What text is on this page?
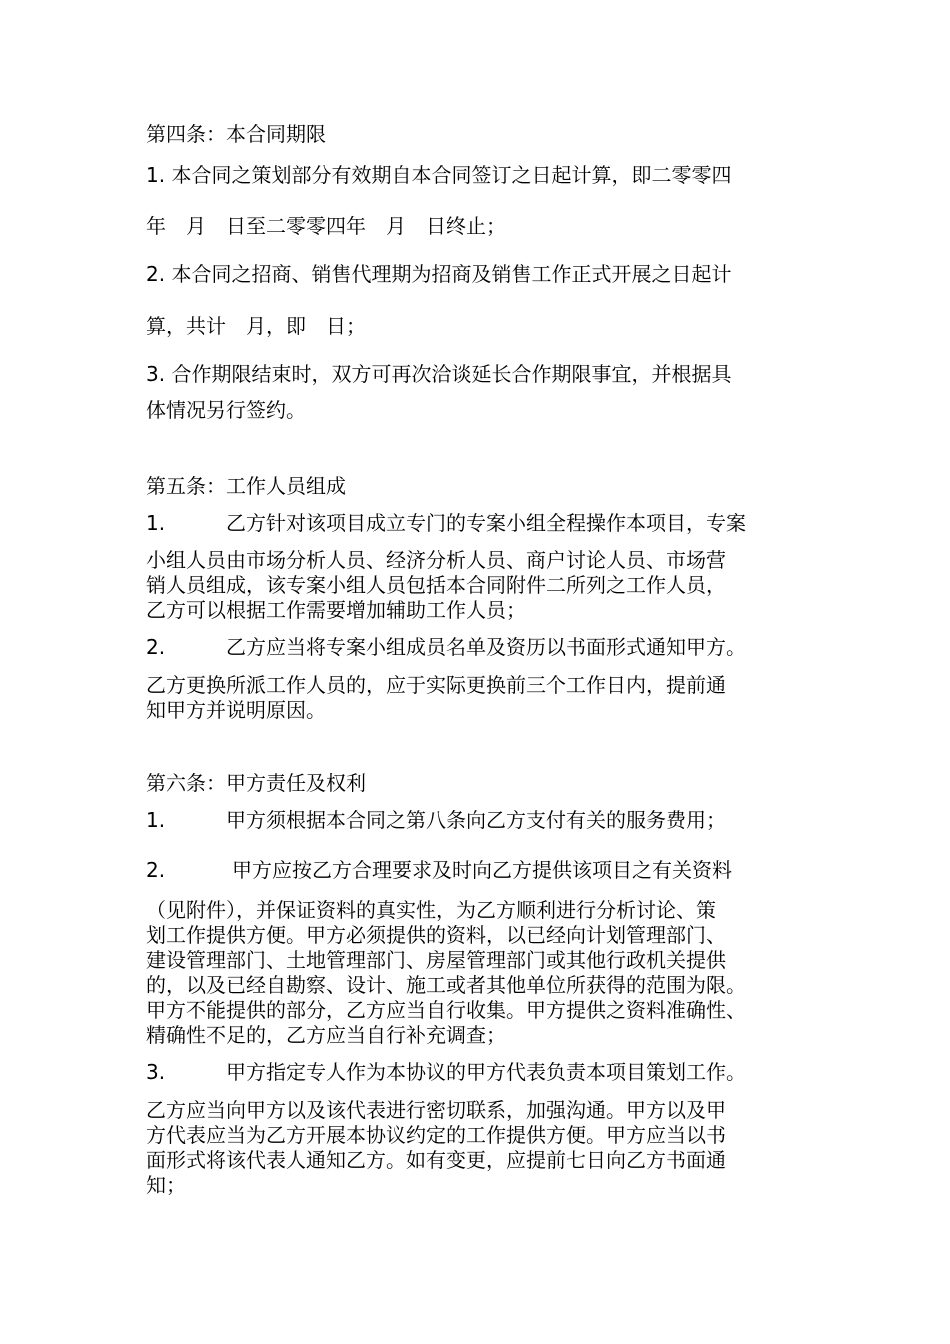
第四条：本合同期限

1. 本合同之策划部分有效期自本合同签订之日起计算，即二零零四

年　月　日至二零零四年　月　日终止；

2. 本合同之招商、销售代理期为招商及销售工作正式开展之日起计

算，共计　月，即　日；

3. 合作期限结束时，双方可再次洽谈延长合作期限事宜，并根据具

体情况另行签约。

第五条：工作人员组成

1.	乙方针对该项目成立专门的专案小组全程操作本项目，专案

小组人员由市场分析人员、经济分析人员、商户讨论人员、市场营

销人员组成，该专案小组人员包括本合同附件二所列之工作人员，

乙方可以根据工作需要增加辅助工作人员；

2.	乙方应当将专案小组成员名单及资历以书面形式通知甲方。

乙方更换所派工作人员的，应于实际更换前三个工作日内，提前通

知甲方并说明原因。

第六条：甲方责任及权利

1.	甲方须根据本合同之第八条向乙方支付有关的服务费用；

2.	甲方应按乙方合理要求及时向乙方提供该项目之有关资料

（见附件），并保证资料的真实性，为乙方顺利进行分析讨论、策

划工作提供方便。甲方必须提供的资料，以已经向计划管理部门、

建设管理部门、土地管理部门、房屋管理部门或其他行政机关提供

的，以及已经自勘察、设计、施工或者其他单位所获得的范围为限。

甲方不能提供的部分，乙方应当自行收集。甲方提供之资料准确性、

精确性不足的，乙方应当自行补充调查；

3.	甲方指定专人作为本协议的甲方代表负责本项目策划工作。

乙方应当向甲方以及该代表进行密切联系，加强沟通。甲方以及甲

方代表应当为乙方开展本协议约定的工作提供方便。甲方应当以书

面形式将该代表人通知乙方。如有变更，应提前七日向乙方书面通

知；
